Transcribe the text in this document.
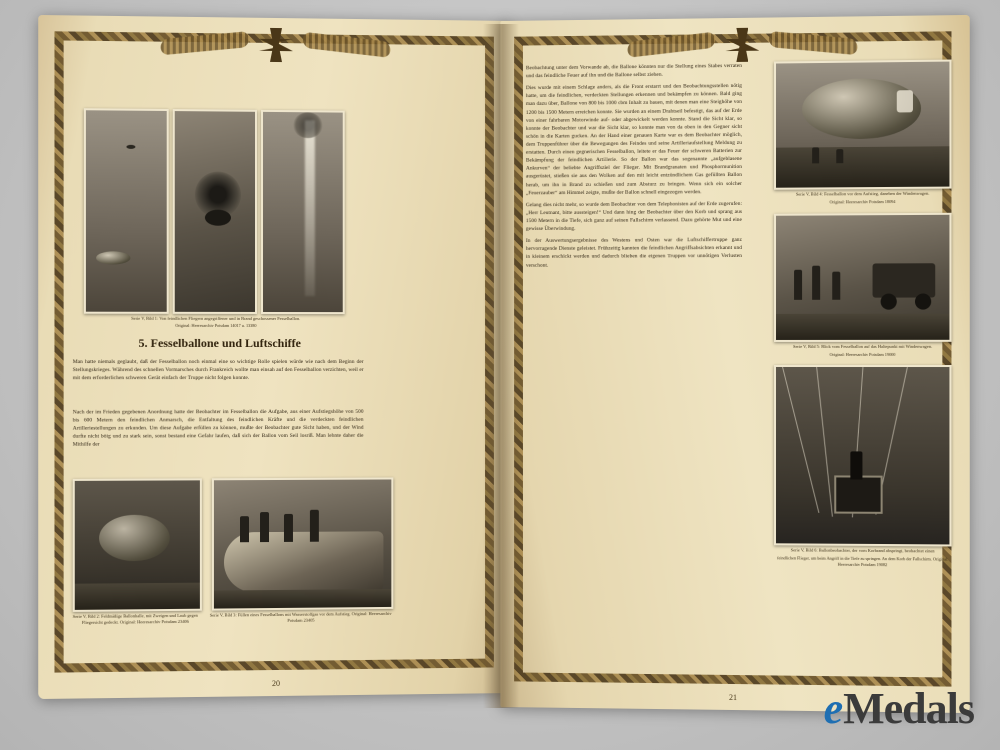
Serie V, Bild 1: Von feindlichen Fliegern angegriffener und in Brand geschossener Fesselballon.
Original: Heeresarchiv Potsdam 14017 u. 13380
5. Fesselballone und Luftschiffe
Man hatte niemals geglaubt, daß der Fesselballon noch einmal eine so wichtige Rolle spielen würde wie nach dem Beginn der Stellungskrieges. Während des schnellen Vormarsches durch Frankreich wollte man einsah auf den Fesselballon verzichten, weil er mit dem erforderlichen schweren Gerät einfach der Truppe nicht folgen konnte.
Nach der im Frieden gegebenen Anordnung hatte der Beobachter im Fesselballon die Aufgabe, aus einer Aufstiegshöhe von 500 bis 600 Metern den feindlichen Anmarsch, die Entfaltung des feindlichen Kräfte und die verdeckten feindlichen Artilleriestellungen zu erkunden. Um diese Aufgabe erfüllen zu können, mußte der Beobachter gute Sicht haben, und der Wind durfte nicht böig und zu stark sein, sonst bestand eine Gefahr laufen, daß sich der Ballon vom Seil losriß. Man lehnte daher die Mithilfe der
Serie V, Bild 2: Feldmäßige Ballonhalle, mit Zweigen und Laub gegen Fliegersicht gedeckt. Original: Heeresarchiv Potsdam 23406
Serie V, Bild 3: Füllen eines Fesselballons mit Wasserstoffgas vor dem Aufstieg. Original: Heeresarchiv Potsdam 23405
20
Beobachtung unter dem Vorwande ab, die Ballone könnten nur die Stellung eines Stabes verraten und das feindliche Feuer auf ihn und die Ballone selbst ziehen.
Dies wurde mit einem Schlage anders, als die Front erstarrt und den Beobachtungsstellen nötig hatte, um die feindlichen, verdeckten Stellungen erkennen und bekämpfen zu können. Bald ging man dazu über, Ballone von 800 bis 1000 cbm Inhalt zu bauen, mit denen man eine Steighöhe von 1200 bis 1500 Metern erreichen konnte. Sie wurden an einem Drahtseil befestigt, das auf der Erde von einer fahrbaren Motorwinde auf- oder abgewickelt werden konnte. Stand die Sicht klar, so konnte der Beobachter und war die Sicht klar, so konnte man von da oben in den Gegner sicht schön in die Karten gucken. An der Hand einer genauen Karte war es dem Beobachter möglich, dem Truppenführer über die Bewegungen des Feindes und seine Artilleriaufstellung Meldung zu erstatten. Durch einen gegnerischen Fesselballon, leitete er das Feuer der schweren Batterien zur Bekämpfung der feindlichen Artillerie. So der Ballon war das sogenannte „aufgeblasene Ankurven“ der beliebte Angriffsziel der Flieger. Mit Brandgranaten und Phosphormunition ausgerüstet, stießen sie aus den Wolken auf den mit leicht entzündlichem Gas gefüllten Ballon herab, um ihn in Brand zu schießen und zum Absturz zu bringen. Wenn sich ein solcher „Feuerzauber“ am Himmel zeigte, mußte der Ballon schnell eingezogen werden.
Gelang dies nicht mehr, so wurde dem Beobachter von dem Telephonisten auf der Erde zugerufen: „Herr Leutnant, bitte aussteigen!“ Und dann hing der Beobachter über den Korb und sprang aus 1500 Metern in die Tiefe, sich ganz auf seinen Fallschirm verlassend. Dazu gehörte Mut und eine gewisse Überwindung.
In der Auswertungsergebnisse des Westens und Osten war die Luftschiffertruppe ganz hervorragende Dienste geleistet. Frühzeitig kannten die feindlichen Angriffsabsichten erkannt und in kleinem erschickt werden und dadurch blieben die eigenen Truppen vor unnötigen Verlusten verschont.
Serie V, Bild 4: Fesselballon vor dem Aufstieg, daneben der Windenwagen.
Original: Heeresarchiv Potsdam 18094
Serie V, Bild 5: Blick vom Fesselballon auf das Haltepunkt mit Windenwagen.
Original: Heeresarchiv Potsdam 19000
Serie V, Bild 6: Ballonbeobachter, der vom Korbrand abspringt, beobachtet einen
feindlichen Flieger, um beim Angriff in die Tiefe zu springen. An dem Korb der Fallschirm. Original: Heeresarchiv Potsdam 19082
21 e Medals
